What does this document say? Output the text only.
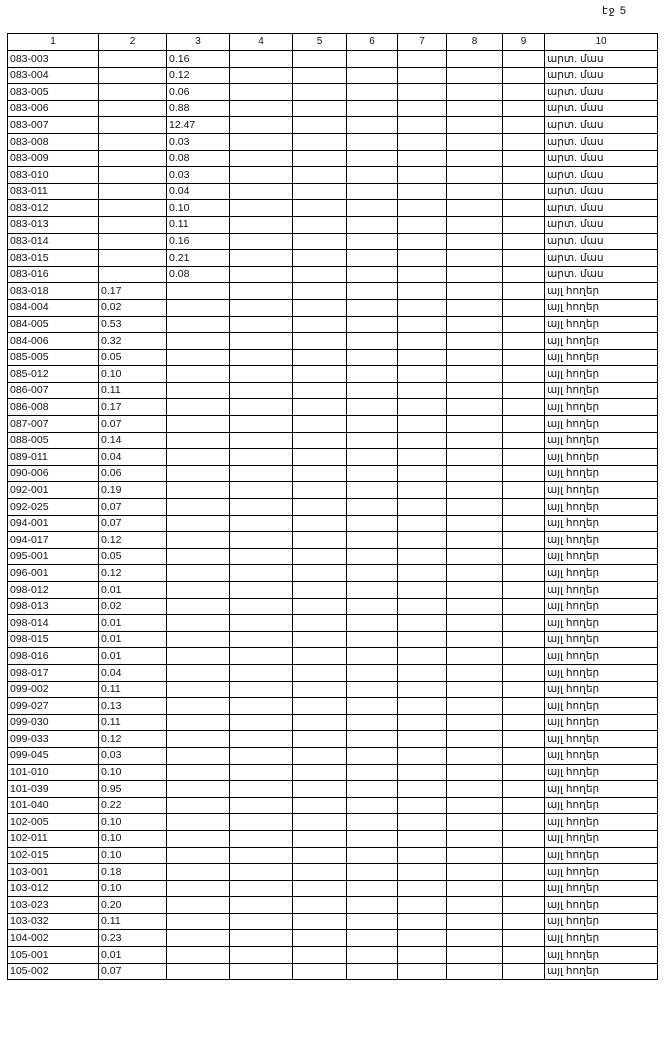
էջ 5
1	2	3	4	5	6	7	8	9	10
083-003		0.16							արտ. մաս
083-004		0.12							արտ. մաս
083-005		0.06							արտ. մաս
083-006		0.88							արտ. մաս
083-007		12.47							արտ. մաս
083-008		0.03							արտ. մաս
083-009		0.08							արտ. մաս
083-010		0.03							արտ. մաս
083-011		0.04							արտ. մաս
083-012		0.10							արտ. մաս
083-013		0.11							արտ. մաս
083-014		0.16							արտ. մաս
083-015		0.21							արտ. մաս
083-016		0.08							արտ. մաս
083-018	0.17								այլ հողեր
084-004	0.02								այլ հողեր
084-005	0.53								այլ հողեր
084-006	0.32								այլ հողեր
085-005	0.05								այլ հողեր
085-012	0.10								այլ հողեր
086-007	0.11								այլ հողեր
086-008	0.17								այլ հողեր
087-007	0.07								այլ հողեր
088-005	0.14								այլ հողեր
089-011	0.04								այլ հողեր
090-006	0.06								այլ հողեր
092-001	0.19								այլ հողեր
092-025	0.07								այլ հողեր
094-001	0.07								այլ հողեր
094-017	0.12								այլ հողեր
095-001	0.05								այլ հողեր
096-001	0.12								այլ հողեր
098-012	0.01								այլ հողեր
098-013	0.02								այլ հողեր
098-014	0.01								այլ հողեր
098-015	0.01								այլ հողեր
098-016	0.01								այլ հողեր
098-017	0.04								այլ հողեր
099-002	0.11								այլ հողեր
099-027	0.13								այլ հողեր
099-030	0.11								այլ հողեր
099-033	0.12								այլ հողեր
099-045	0.03								այլ հողեր
101-010	0.10								այլ հողեր
101-039	0.95								այլ հողեր
101-040	0.22								այլ հողեր
102-005	0.10								այլ հողեր
102-011	0.10								այլ հողեր
102-015	0.10								այլ հողեր
103-001	0.18								այլ հողեր
103-012	0.10								այլ հողեր
103-023	0.20								այլ հողեր
103-032	0.11								այլ հողեր
104-002	0.23								այլ հողեր
105-001	0.01								այլ հողեր
105-002	0.07								այլ հողեր
